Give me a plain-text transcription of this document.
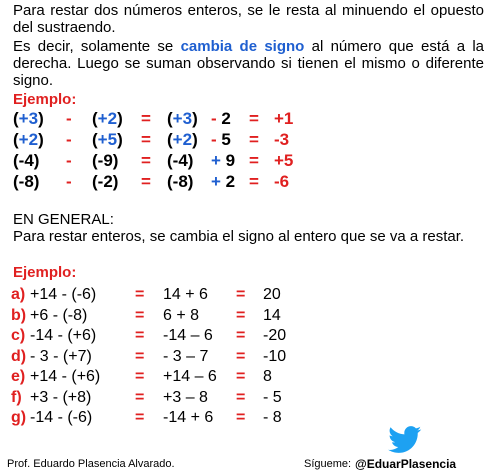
Para restar dos números enteros, se le resta al minuendo el opuesto del sustraendo.
Es decir, solamente se cambia de signo al número que está a la derecha. Luego se suman observando si tienen el mismo o diferente signo.
Ejemplo:
(+3) - (+2) = (+3) - 2 = +1
(+2) - (+5) = (+2) - 5 = -3
(-4) - (-9) = (-4) + 9 = +5
(-8) - (-2) = (-8) + 2 = -6
EN GENERAL:
Para restar enteros, se cambia el signo al entero que se va a restar.
Ejemplo:
a) +14 - (-6) = 14 + 6 = 20
b) +6 - (-8)	= 6 + 8 = 14
c) -14 - (+6) = -14 – 6 = -20
d) - 3 - (+7)	= - 3 – 7 = -10
e) +14 - (+6) = +14 – 6 = 8
f) +3 - (+8)	= +3 – 8 = - 5
g) -14 - (-6)	= -14 + 6 = - 8
Prof. Eduardo Plasencia Alvarado.	Sígueme: @EduarPlasencia
